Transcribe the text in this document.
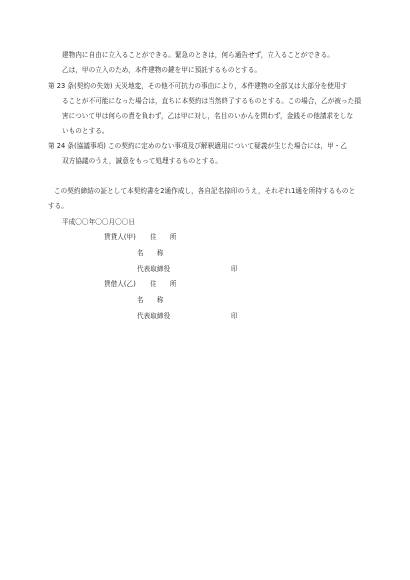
建物内に自由に立入ることができる。緊急のときは，何ら通告せず，立入ることができる。
乙は，甲の立入のため，本件建物の鍵を甲に預託するものとする。
第 23 条(契約の失効) 天災地変，その他不可抗力の事由により，本件建物の全部又は大部分を使用す
ることが不可能になった場合は，直ちに本契約は当然終了するものとする。この場合，乙が被った損
害について甲は何らの責を負わず，乙は甲に対し，名目のいかんを問わず，金銭その他請求をしな
いものとする。
第 24 条(協議事項) この契約に定めのない事項及び解釈適用について疑義が生じた場合には，甲・乙
双方協議のうえ，誠意をもって処理するものとする。
この契約締結の証として本契約書を2通作成し，各自記名捺印のうえ，それぞれ1通を所持するものと
する。
平成〇〇年〇〇月〇〇日
賃貸人(甲) 住　　所
名　　称
代表取締役	印
賃借人(乙) 住　　所
名　　称
代表取締役	印
